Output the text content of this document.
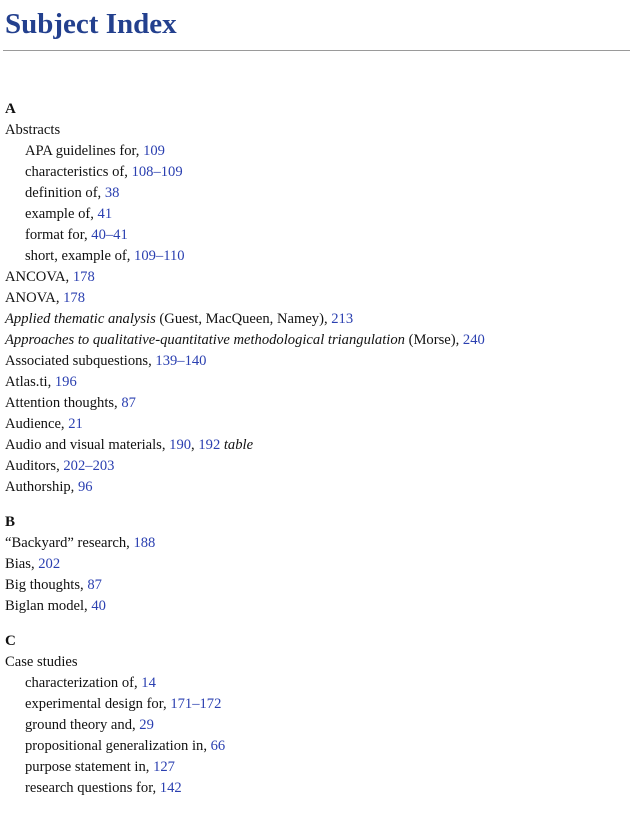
Subject Index
A
Abstracts
APA guidelines for, 109
characteristics of, 108–109
definition of, 38
example of, 41
format for, 40–41
short, example of, 109–110
ANCOVA, 178
ANOVA, 178
Applied thematic analysis (Guest, MacQueen, Namey), 213
Approaches to qualitative-quantitative methodological triangulation (Morse), 240
Associated subquestions, 139–140
Atlas.ti, 196
Attention thoughts, 87
Audience, 21
Audio and visual materials, 190, 192 table
Auditors, 202–203
Authorship, 96
B
“Backyard” research, 188
Bias, 202
Big thoughts, 87
Biglan model, 40
C
Case studies
characterization of, 14
experimental design for, 171–172
ground theory and, 29
propositional generalization in, 66
purpose statement in, 127
research questions for, 142
